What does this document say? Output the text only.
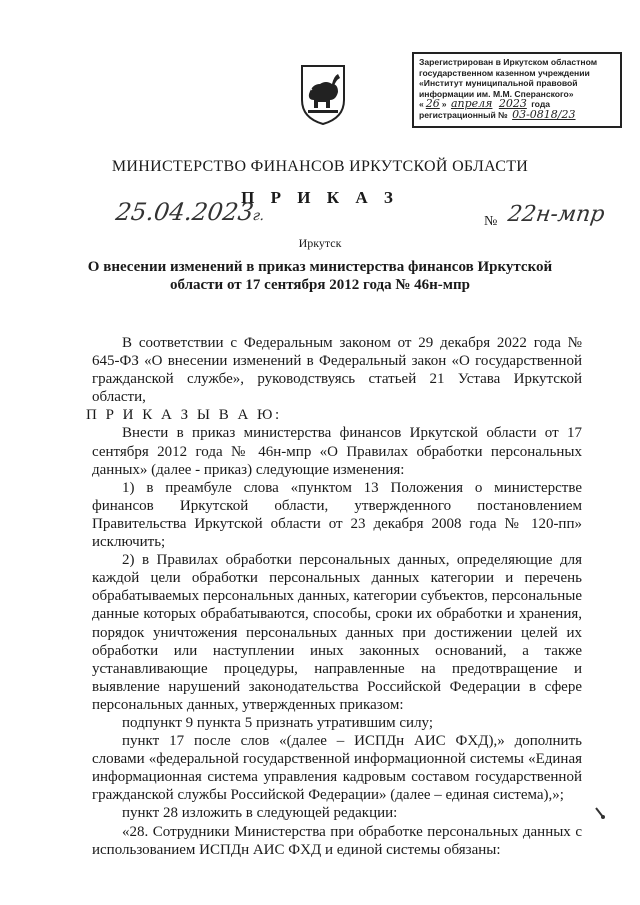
Зарегистрирован в Иркутском областном
государственном казенном учреждении
«Институт муниципальной правовой
информации им. М.М. Сперанского»
« 26 » апреля 2023 года
регистрационный № 03-0818/23
МИНИСТЕРСТВО ФИНАНСОВ ИРКУТСКОЙ ОБЛАСТИ
П Р И К А З
25.04.2023г.	№ 22н-мпр
Иркутск
О внесении изменений в приказ министерства финансов Иркутской области от 17 сентября 2012 года № 46н-мпр

В соответствии с Федеральным законом от 29 декабря 2022 года № 645-ФЗ «О внесении изменений в Федеральный закон «О государственной гражданской службе», руководствуясь статьей 21 Устава Иркутской области,

П Р И К А З Ы В А Ю:

Внести в приказ министерства финансов Иркутской области от 17 сентября 2012 года № 46н-мпр «О Правилах обработки персональных данных» (далее - приказ) следующие изменения:

1) в преамбуле слова «пунктом 13 Положения о министерстве финансов Иркутской области, утвержденного постановлением Правительства Иркутской области от 23 декабря 2008 года № 120-пп» исключить;

2) в Правилах обработки персональных данных, определяющие для каждой цели обработки персональных данных категории и перечень обрабатываемых персональных данных, категории субъектов, персональные данные которых обрабатываются, способы, сроки их обработки и хранения, порядок уничтожения персональных данных при достижении целей их обработки или наступлении иных законных оснований, а также устанавливающие процедуры, направленные на предотвращение и выявление нарушений законодательства Российской Федерации в сфере персональных данных, утвержденных приказом:

подпункт 9 пункта 5 признать утратившим силу;

пункт 17 после слов «(далее – ИСПДн АИС ФХД),» дополнить словами «федеральной государственной информационной системы «Единая информационная система управления кадровым составом государственной гражданской службы Российской Федерации» (далее – единая система),»;

пункт 28 изложить в следующей редакции:

«28. Сотрудники Министерства при обработке персональных данных с использованием ИСПДн АИС ФХД и единой системы обязаны:
